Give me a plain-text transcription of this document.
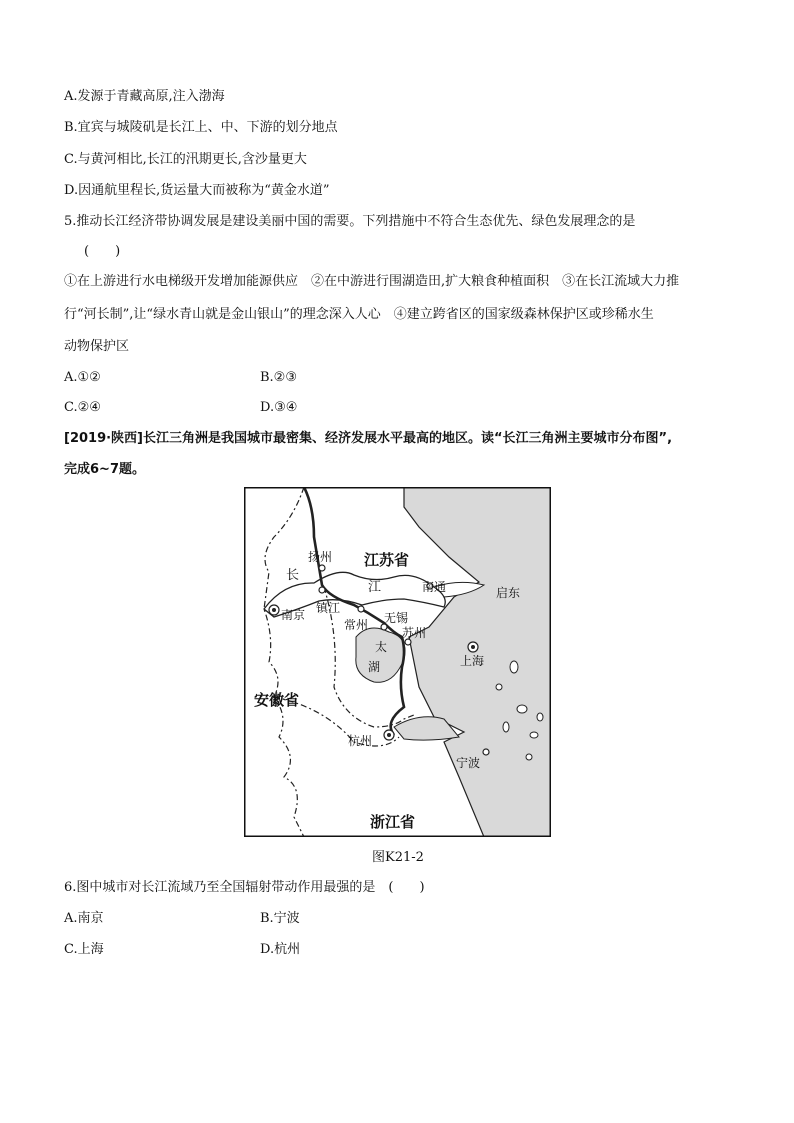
A.发源于青藏高原,注入渤海
B.宜宾与城陵矶是长江上、中、下游的划分地点
C.与黄河相比,长江的汛期更长,含沙量更大
D.因通航里程长,货运量大而被称为“黄金水道”
5.推动长江经济带协调发展是建设美丽中国的需要。下列措施中不符合生态优先、绿色发展理念的是
(　　)
①在上游进行水电梯级开发增加能源供应　②在中游进行围湖造田,扩大粮食种植面积　③在长江流域大力推
行“河长制”,让“绿水青山就是金山银山”的理念深入人心　④建立跨省区的国家级森林保护区或珍稀水生
动物保护区
A.①②	B.②③
C.②④	D.③④
[2019·陕西]长江三角洲是我国城市最密集、经济发展水平最高的地区。读“长江三角洲主要城市分布图”,
完成6~7题。
江苏省
安徽省
浙江省
长
江
太
湖
扬州
南京 镇江
常州 无锡
苏州
南通	启东
上海
杭州
宁波
图K21-2
6.图中城市对长江流域乃至全国辐射带动作用最强的是　(　　)
A.南京	B.宁波
C.上海	D.杭州
